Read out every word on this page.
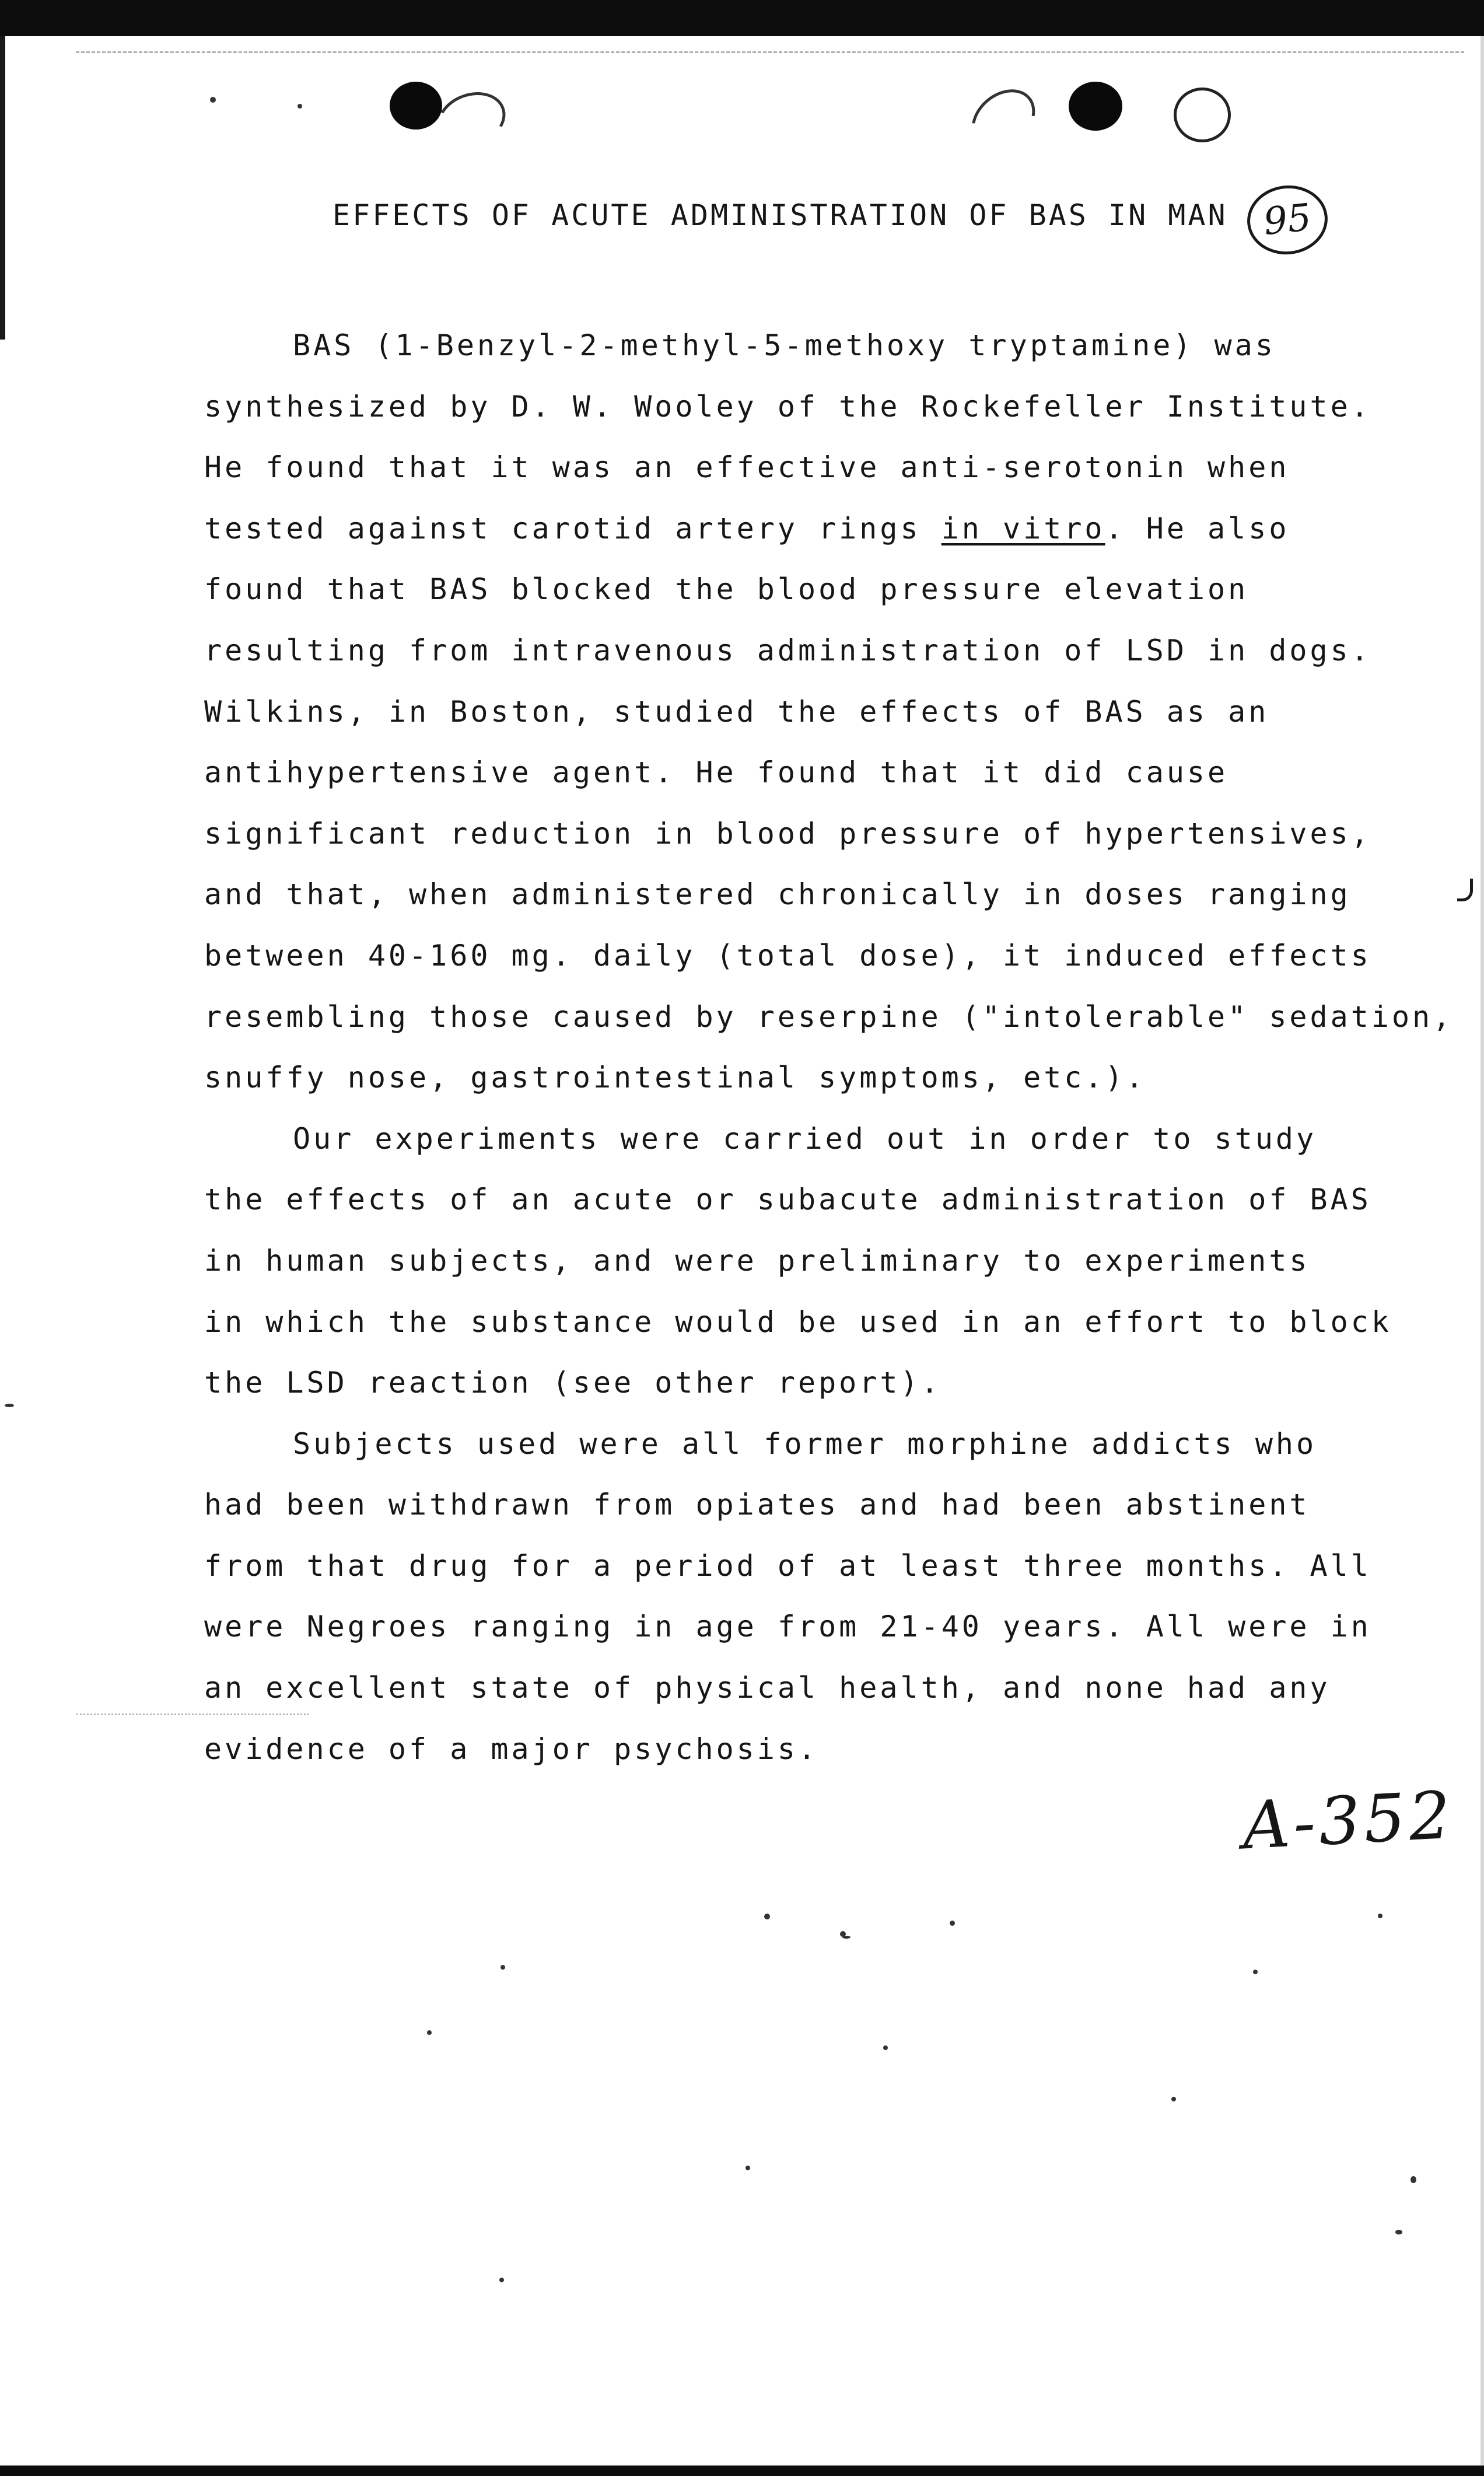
EFFECTS OF ACUTE ADMINISTRATION OF BAS IN MAN 95
BAS (1-Benzyl-2-methyl-5-methoxy tryptamine) was
synthesized by D. W. Wooley of the Rockefeller Institute.
He found that it was an effective anti-serotonin when
tested against carotid artery rings in vitro. He also
found that BAS blocked the blood pressure elevation
resulting from intravenous administration of LSD in dogs.
Wilkins, in Boston, studied the effects of BAS as an
antihypertensive agent. He found that it did cause
significant reduction in blood pressure of hypertensives,
and that, when administered chronically in doses ranging
between 40-160 mg. daily (total dose), it induced effects
resembling those caused by reserpine ("intolerable" sedation,
snuffy nose, gastrointestinal symptoms, etc.).
Our experiments were carried out in order to study
the effects of an acute or subacute administration of BAS
in human subjects, and were preliminary to experiments
in which the substance would be used in an effort to block
the LSD reaction (see other report).
Subjects used were all former morphine addicts who
had been withdrawn from opiates and had been abstinent
from that drug for a period of at least three months. All
were Negroes ranging in age from 21-40 years. All were in
an excellent state of physical health, and none had any
evidence of a major psychosis.
A-352
